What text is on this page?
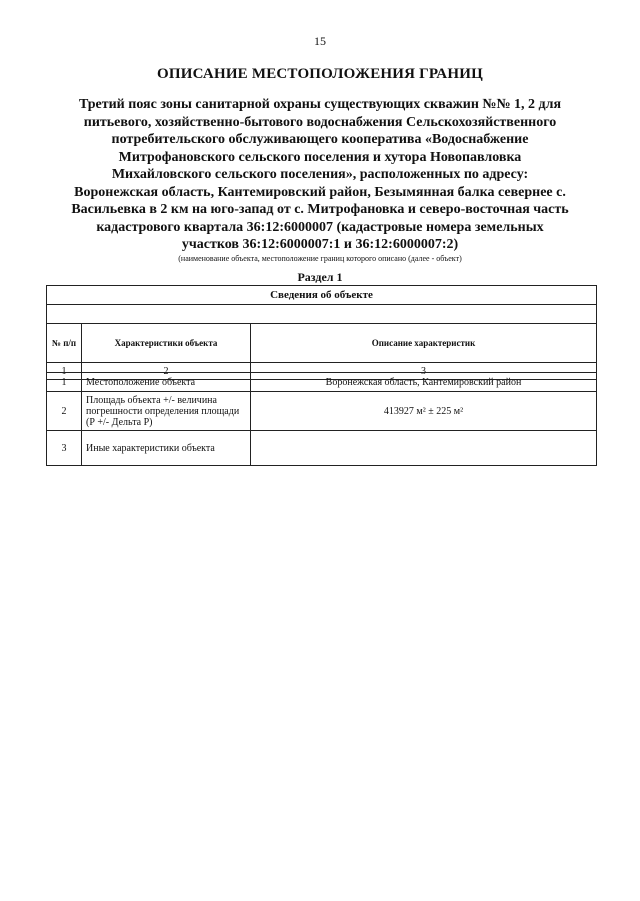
15
ОПИСАНИЕ МЕСТОПОЛОЖЕНИЯ ГРАНИЦ
Третий пояс зоны санитарной охраны существующих скважин №№ 1, 2 для
питьевого, хозяйственно-бытового водоснабжения Сельскохозяйственного
потребительского обслуживающего кооператива «Водоснабжение
Митрофановского сельского поселения и хутора Новопавловка
Михайловского сельского поселения», расположенных по адресу:
Воронежская область, Кантемировский район, Безымянная балка севернее с.
Васильевка в 2 км на юго-запад от с. Митрофановка и северо-восточная часть
кадастрового квартала 36:12:6000007 (кадастровые номера земельных
участков 36:12:6000007:1 и 36:12:6000007:2)
(наименование объекта, местоположение границ которого описано (далее - объект)
Раздел 1
Сведения об объекте		

№ п/п	Характеристики объекта	Описание характеристик
1	2	3
1	Местоположение объекта	Воронежская область, Кантемировский район
2	Площадь объекта +/- величина погрешности определения площади (Р +/- Дельта Р)	413927 м² ± 225 м²
3	Иные характеристики объекта	
